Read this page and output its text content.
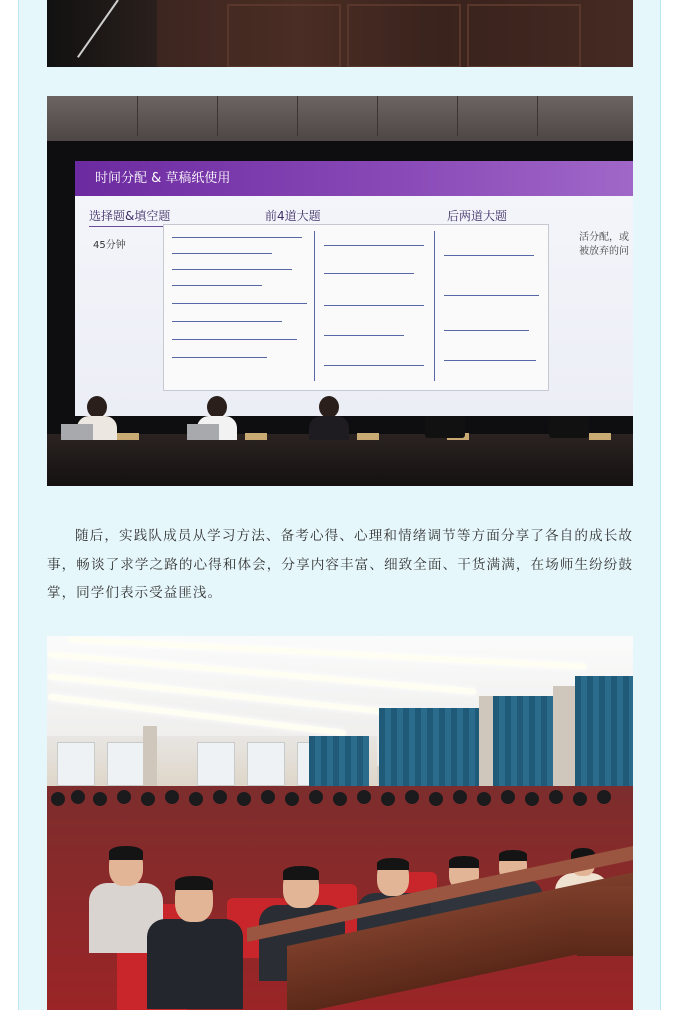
时间分配 & 草稿纸使用
选择题&填空题	前4道大题	后两道大题
45分钟
活分配，或
被放弃的问
随后，实践队成员从学习方法、备考心得、心理和情绪调节等方面分享了各自的成长故事，畅谈了求学之路的心得和体会，分享内容丰富、细致全面、干货满满，在场师生纷纷鼓掌，同学们表示受益匪浅。
